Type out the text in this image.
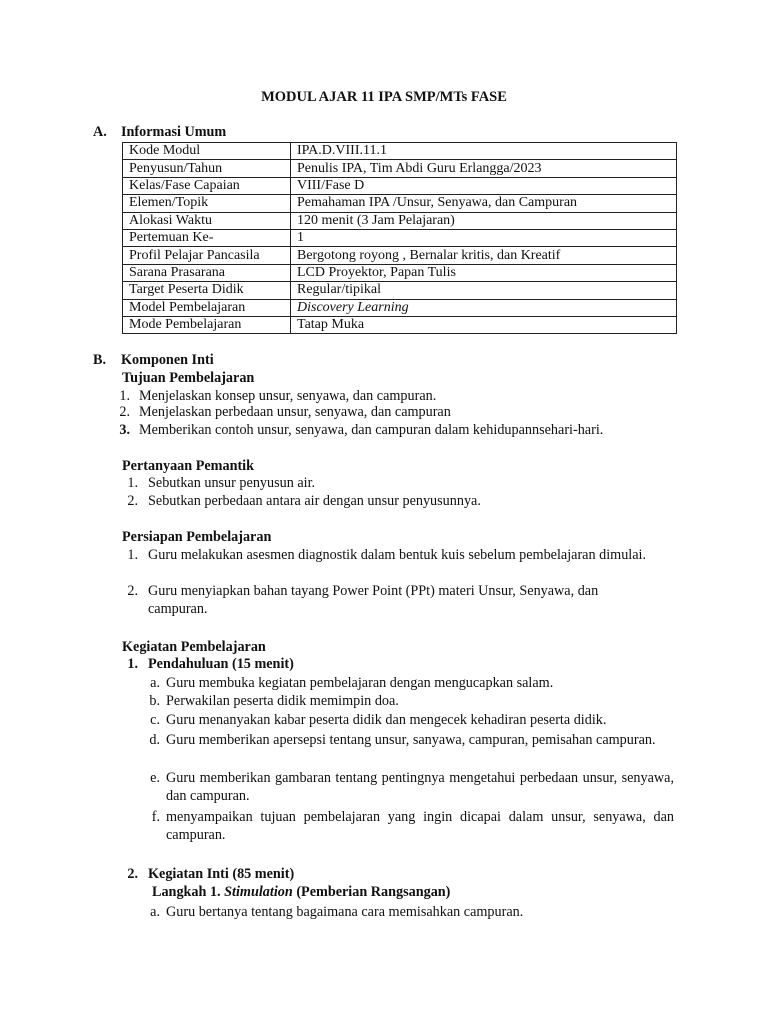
MODUL AJAR 11 IPA SMP/MTs FASE
A. Informasi Umum
Kode Modul	IPA.D.VIII.11.1
Penyusun/Tahun	Penulis IPA, Tim Abdi Guru Erlangga/2023
Kelas/Fase Capaian	VIII/Fase D
Elemen/Topik	Pemahaman IPA /Unsur, Senyawa, dan Campuran
Alokasi Waktu	120 menit (3 Jam Pelajaran)
Pertemuan Ke-	1
Profil Pelajar Pancasila	Bergotong royong , Bernalar kritis, dan Kreatif
Sarana Prasarana	LCD Proyektor, Papan Tulis
Target Peserta Didik	Regular/tipikal
Model Pembelajaran	Discovery Learning
Mode Pembelajaran	Tatap Muka
B. Komponen Inti
Tujuan Pembelajaran
1. Menjelaskan konsep unsur, senyawa, dan campuran.
2. Menjelaskan perbedaan unsur, senyawa, dan campuran
3. Memberikan contoh unsur, senyawa, dan campuran dalam kehidupannsehari-hari.
Pertanyaan Pemantik
1. Sebutkan unsur penyusun air.
2. Sebutkan perbedaan antara air dengan unsur penyusunnya.
Persiapan Pembelajaran
1. Guru melakukan asesmen diagnostik dalam bentuk kuis sebelum pembelajaran dimulai.
2. Guru menyiapkan bahan tayang Power Point (PPt) materi Unsur, Senyawa, dan campuran.
Kegiatan Pembelajaran
1. Pendahuluan (15 menit)
a. Guru membuka kegiatan pembelajaran dengan mengucapkan salam.
b. Perwakilan peserta didik memimpin doa.
c. Guru menanyakan kabar peserta didik dan mengecek kehadiran peserta didik.
d. Guru memberikan apersepsi tentang unsur, sanyawa, campuran, pemisahan campuran.
e. Guru memberikan gambaran tentang pentingnya mengetahui perbedaan unsur, senyawa, dan campuran.
f. menyampaikan tujuan pembelajaran yang ingin dicapai dalam unsur, senyawa, dan campuran.
2. Kegiatan Inti (85 menit)
Langkah 1. Stimulation (Pemberian Rangsangan)
a. Guru bertanya tentang bagaimana cara memisahkan campuran.
